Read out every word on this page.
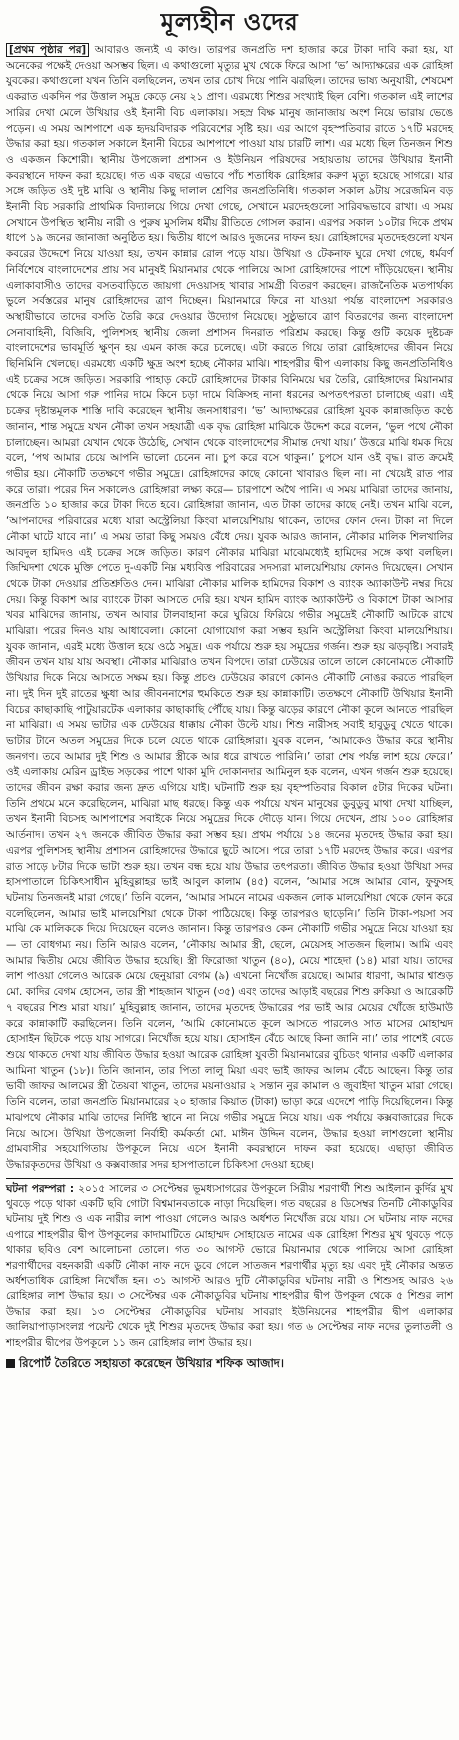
মূল্যহীন ওদের
[প্রথম পৃষ্ঠার পর] আবারও জন্যই এ কাণ্ড। তারপর জনপ্রতি দশ হাজার করে টাকা দাবি করা হয়, যা অনেকের পক্ষেই দেওয়া অসম্ভব ছিল। এ কথাগুলো মৃত্যুর মুখ থেকে ফিরে আসা ‘ভ’ আদ্যাক্ষরের এক রোহিঙ্গা যুবকের। কথাগুলো যখন তিনি বলছিলেন, তখন তার চোখ দিয়ে পানি ঝরছিল। তাদের ভাষ্য অনুযায়ী, শেষমেশ একরাত একদিন পর উত্তাল সমুদ্র কেড়ে নেয় ২১ প্রাণ। এরমধ্যে শিশুর সংখ্যাই ছিল বেশি। গতকাল এই লাশের সারির দেখা মেলে উখিয়ার ওই ইনানী বিচ এলাকায়। সহস্র বিক্ষ মানুষ জানাজায় অংশ নিয়ে ভারায় ভেঙে পড়েন। এ সময় আশপাশে এক হৃদয়বিদারক পরিবেশের সৃষ্টি হয়। এর আগে বৃহস্পতিবার রাতে ১৭টি মরদেহ উদ্ধার করা হয়। গতকাল সকালে ইনানী বিচের আশপাশে পাওয়া যায় চারটি লাশ। এর মধ্যে ছিল তিনজন শিশু ও একজন কিশোরী। স্থানীয় উপজেলা প্রশাসন ও ইউনিয়ন পরিষদের সহায়তায় তাদের উখিয়ার ইনানী কবরস্থানে দাফন করা হয়েছে। গত এক বছরে এভাবে পাঁচ শতাধিক রোহিঙ্গার করুণ মৃত্যু হয়েছে সাগরে। যার সঙ্গে জড়িত ওই দুষ্ট মাঝি ও স্থানীয় কিছু দালাল শ্রেণির জনপ্রতিনিধি। গতকাল সকাল ৯টায় সরেজমিন বড় ইনানী বিচ সরকারি প্রাথমিক বিদ্যালয়ে গিয়ে দেখা গেছে, সেখানে মরদেহগুলো সারিবদ্ধভাবে রাখা। এ সময় সেখানে উপস্থিত স্থানীয় নারী ও পুরুষ মুসলিম ধর্মীয় রীতিতে গোসল করান। এরপর সকাল ১০টার দিকে প্রথম ধাপে ১৯ জনের জানাজা অনুষ্ঠিত হয়। দ্বিতীয় ধাপে আরও দুজনের দাফন হয়। রোহিঙ্গাদের মৃতদেহগুলো যখন কবরের উদ্দেশে নিয়ে যাওয়া হয়, তখন কান্নার রোল পড়ে যায়। উখিয়া ও টেকনাফ ঘুরে দেখা গেছে, ধর্মবর্ণ নির্বিশেষে বাংলাদেশের প্রায় সব মানুষই মিয়ানমার থেকে পালিয়ে আসা রোহিঙ্গাদের পাশে দাঁড়িয়েছেন। স্থানীয় এলাকাবাসীও তাদের বসতবাড়িতে জায়গা দেওয়াসহ খাবার সামগ্রী বিতরণ করছেন। রাজনৈতিক মতপার্থক্য ভুলে সর্বস্তরের মানুষ রোহিঙ্গাদের ত্রাণ দিচ্ছেন। মিয়ানমারে ফিরে না যাওয়া পর্যন্ত বাংলাদেশ সরকারও অস্থায়ীভাবে তাদের বসতি তৈরি করে দেওয়ার উদ্যোগ নিয়েছে। সুষ্ঠুভাবে ত্রাণ বিতরণের জন্য বাংলাদেশ সেনাবাহিনী, বিজিবি, পুলিশসহ স্থানীয় জেলা প্রশাসন দিনরাত পরিশ্রম করছে। কিন্তু গুটি কয়েক দুষ্টচক্র বাংলাদেশের ভাবমূর্তি ক্ষুণ্ন হয় এমন কাজ করে চলেছে। এটা করতে গিয়ে তারা রোহিঙ্গাদের জীবন নিয়ে ছিনিমিনি খেলছে। এরমধ্যে একটি ক্ষুদ্র অংশ হচ্ছে নৌকার মাঝি। শাহপরীর দ্বীপ এলাকায় কিছু জনপ্রতিনিধিও এই চক্রের সঙ্গে জড়িত। সরকারি পাহাড় কেটে রোহিঙ্গাদের টাকার বিনিময়ে ঘর তৈরি, রোহিঙ্গাদের মিয়ানমার থেকে নিয়ে আসা গরু পানির দামে কিনে চড়া দামে বিক্রিসহ নানা ধরনের অপতৎপরতা চালাচ্ছে এরা। এই চক্রের দৃষ্টান্তমূলক শাস্তি দাবি করেছেন স্থানীয় জনসাধারণ। ‘ভ’ আদ্যাক্ষরের রোহিঙ্গা যুবক কান্নাজড়িত কণ্ঠে জানান, শান্ত সমুদ্রে যখন নৌকা তখন সহযাত্রী এক বৃদ্ধ রোহিঙ্গা মাঝিকে উদ্দেশ করে বলেন, ‘ভুল পথে নৌকা চালাচ্ছেন। আমরা যেখান থেকে উঠেছি, সেখান থেকে বাংলাদেশের সীমান্ত দেখা যায়।’ উত্তরে মাঝি ধমক দিয়ে বলে, ‘পথ আমার চেয়ে আপনি ভালো চেনেন না। চুপ করে বসে থাকুন।’ চুপসে যান ওই বৃদ্ধ। রাত ক্রমেই গভীর হয়। নৌকাটি ততক্ষণে গভীর সমুদ্রে। রোহিঙ্গাদের কাছে কোনো খাবারও ছিল না। না খেয়েই রাত পার করে তারা। পরের দিন সকালেও রোহিঙ্গারা লক্ষ্য করে— চারপাশে অথৈ পানি। এ সময় মাঝিরা তাদের জানায়, জনপ্রতি ১০ হাজার করে টাকা দিতে হবে। রোহিঙ্গারা জানান, এত টাকা তাদের কাছে নেই। তখন মাঝি বলে, ‘আপনাদের পরিবারের মধ্যে যারা অস্ট্রেলিয়া কিংবা মালয়েশিয়ায় থাকেন, তাদের ফোন দেন। টাকা না দিলে নৌকা ঘাটে যাবে না।’ এ সময় তারা কিছু সময়ও বেঁধে দেয়। যুবক আরও জানান, নৌকার মালিক শিলখালির আবদুল হামিদও এই চক্রের সঙ্গে জড়িত। কারণ নৌকার মাঝিরা মাঝেমধ্যেই হামিদের সঙ্গে কথা বলছিল। জিম্মিদশা থেকে মুক্তি পেতে দু-একটি নিম্ন মধ্যবিত্ত পরিবারের সদস্যরা মালয়েশিয়ায় ফোনও দিয়েছেন। সেখান থেকে টাকা দেওয়ার প্রতিশ্রুতিও দেন। মাঝিরা নৌকার মালিক হামিদের বিকাশ ও ব্যাংক অ্যাকাউন্ট নম্বর দিয়ে দেয়। কিন্তু বিকাশ আর ব্যাংকে টাকা আসতে দেরি হয়। যখন হামিদ ব্যাংক অ্যাকাউন্ট ও বিকাশে টাকা আসার খবর মাঝিদের জানায়, তখন আবার টালবাহানা করে ঘুরিয়ে ফিরিয়ে গভীর সমুদ্রেই নৌকাটি আটকে রাখে মাঝিরা। পরের দিনও যায় আধাবেলা। কোনো যোগাযোগ করা সম্ভব হয়নি অস্ট্রেলিয়া কিংবা মালয়েশিয়ায়। যুবক জানান, এরই মধ্যে উত্তাল হয়ে ওঠে সমুদ্র। এক পর্যায়ে শুরু হয় সমুদ্রের গর্জন। শুরু হয় ঝড়বৃষ্টি। সবারই জীবন তখন যায় যায় অবস্থা। নৌকার মাঝিরাও তখন বিপদে। তারা ঢেউয়ের তালে তালে কোনোমতে নৌকাটি উখিয়ার দিকে নিয়ে আসতে সক্ষম হয়। কিন্তু প্রচণ্ড ঢেউয়ের কারণে কোনও নৌকাটি নোঙর করতে পারছিল না। দুই দিন দুই রাতের ক্ষুধা আর জীবননাশের হুমকিতে শুরু হয় কান্নাকাটি। ততক্ষণে নৌকাটি উখিয়ার ইনানী বিচের কাছাকাছি পাটুয়ারটেক এলাকার কাছাকাছি পৌঁছে যায়। কিন্তু ঝড়ের কারণে নৌকা কূলে আনতে পারছিল না মাঝিরা। এ সময় ভাটার এক ঢেউয়ের ধাক্কায় নৌকা উল্টে যায়। শিশু নারীসহ সবাই হাবুডুবু খেতে থাকে। ভাটার টানে অতল সমুদ্রের দিকে চলে যেতে থাকে রোহিঙ্গারা। যুবক বলেন, ‘আমাকেও উদ্ধার করে স্থানীয় জনগণ। তবে আমার দুই শিশু ও আমার স্ত্রীকে আর ধরে রাখতে পারিনি।’ তারা শেষ পর্যন্ত লাশ হয়ে ফেরে।’ ওই এলাকায় মেরিন ড্রাইভ সড়কের পাশে থাকা মুদি দোকানদার আমিনুল হক বলেন, এখন গর্জন শুরু হয়েছে। তাদের জীবন রক্ষা করার জন্য দ্রুত এগিয়ে যাই। ঘটনাটি শুরু হয় বৃহস্পতিবার বিকাল ৫টার দিকের ঘটনা। তিনি প্রথমে মনে করেছিলেন, মাঝিরা মাছ ধরছে। কিন্তু এক পর্যায়ে যখন মানুষের ডুবুডুবু মাথা দেখা যাচ্ছিল, তখন ইনানী বিচসহ আশপাশের সবাইকে নিয়ে সমুদ্রের দিকে দৌড়ে যান। গিয়ে দেখেন, প্রায় ১০০ রোহিঙ্গার আর্তনাদ। তখন ২৭ জনকে জীবিত উদ্ধার করা সম্ভব হয়। প্রথম পর্যায়ে ১৪ জনের মৃতদেহ উদ্ধার করা হয়। এরপর পুলিশসহ স্থানীয় প্রশাসন রোহিঙ্গাদের উদ্ধারে ছুটে আসে। পরে তারা ১৭টি মরদেহ উদ্ধার করে। এরপর রাত সাড়ে ৮টার দিকে ভাটা শুরু হয়। তখন বন্ধ হয়ে যায় উদ্ধার তৎপরতা। জীবিত উদ্ধার হওয়া উখিয়া সদর হাসপাতালে চিকিৎসাধীন মুহিবুল্লাহর ভাই আবুল কালাম (৪৫) বলেন, ‘আমার সঙ্গে আমার বোন, ফুফুসহ ঘটনায় তিনজনই মারা গেছে।’ তিনি বলেন, ‘আমার সামনে নামের একজন লোক মালয়েশিয়া থেকে ফোন করে বলেছিলেন, আমার ভাই মালয়েশিয়া থেকে টাকা পাঠিয়েছে। কিন্তু তারপরও ছাড়েনি।’ তিনি টাকা-পয়সা সব মাঝি কে মালিককে দিয়ে দিয়েছেন বলেও জানান। কিন্তু তারপরও কেন নৌকাটি গভীর সমুদ্রে নিয়ে যাওয়া হয়— তা বোধগম্য নয়। তিনি আরও বলেন, ‘নৌকায় আমার স্ত্রী, ছেলে, মেয়েসহ সাতজন ছিলাম। আমি এবং আমার দ্বিতীয় মেয়ে জীবিত উদ্ধার হয়েছি। স্ত্রী ফিরোজা খাতুন (৪০), মেয়ে শাহেদা (১৪) মারা যায়। তাদের লাশ পাওয়া গেলেও আরেক মেয়ে ছেনুয়ারা বেগম (৯) এখনো নিখোঁজ রয়েছে। আমার ধারণা, আমার শ্বাশুড় মো. কাদির বেগম হোসেন, তার স্ত্রী শাহজান খাতুন (৩৫) এবং তাদের আড়াই বছরের শিশু রুকিয়া ও আরেকটি ৭ বছরের শিশু মারা যায়।’ মুহিবুল্লাহ জানান, তাদের মৃতদেহ উদ্ধারের পর ভাই আর মেয়ের খোঁজে হাউমাউ করে কান্নাকাটি করছিলেন। তিনি বলেন, ‘আমি কোনোমতে কূলে আসতে পারলেও সাত মাসের মোহাম্মদ হোসাইন ছিটকে পড়ে যায় সাগরে। নিখোঁজ হয়ে যায়। হোসাইন বেঁচে আছে কিনা জানি না।’ তার পাশেই বেডে শুয়ে থাকতে দেখা যায় জীবিত উদ্ধার হওয়া আরেক রোহিঙ্গা যুবতী মিয়ানমারের বুচিডং থানার একটি এলাকার আমিনা খাতুন (১৮)। তিনি জানান, তার পিতা লালু মিয়া এবং ভাই জাফর আলম বেঁচে আছেন। কিন্তু তার ভাবী জাফর আলমের স্ত্রী তৈয়বা খাতুন, তাদের ময়নাওয়ার ২ সন্তান নুর কামাল ও জুবাইদা খাতুন মারা গেছে। তিনি বলেন, তারা জনপ্রতি মিয়ানমারের ২০ হাজার কিয়াত (টাকা) ভাড়া করে এদেশে পাড়ি দিয়েছিলেন। কিন্তু মাঝপথে নৌকার মাঝি তাদের নির্দিষ্ট স্থানে না নিয়ে গভীর সমুদ্রে নিয়ে যায়। এক পর্যায়ে কক্সবাজারের দিকে নিয়ে আসে। উখিয়া উপজেলা নির্বাহী কর্মকর্তা মো. মাঈন উদ্দিন বলেন, উদ্ধার হওয়া লাশগুলো স্থানীয় গ্রামবাসীর সহযোগিতায় উপকূলে নিয়ে এসে ইনানী কবরস্থানে দাফন করা হয়েছে। এছাড়া জীবিত উদ্ধারকৃতদের উখিয়া ও কক্সবাজার সদর হাসপাতালে চিকিৎসা দেওয়া হচ্ছে।
ঘটনা পরম্পরা : ২০১৫ সালের ৩ সেপ্টেম্বর ভূমধ্যসাগরের উপকূলে সিরীয় শরণার্থী শিশু আইলান কুর্দির মুখ থুবড়ে পড়ে থাকা একটি ছবি গোটা বিশ্বমানবতাকে নাড়া দিয়েছিল। গত বছরের ৪ ডিসেম্বর তিনটি নৌকাডুবির ঘটনায় দুই শিশু ও এক নারীর লাশ পাওয়া গেলেও আরও অর্ধশত নিখোঁজ রয়ে যায়। সে ঘটনায় নাফ নদের এপারে শাহপরীর দ্বীপ উপকূলের কাদামাটিতে মোহাম্মদ সোহায়েত নামের এক রোহিঙ্গা শিশুর মুখ থুবড়ে পড়ে থাকার ছবিও বেশ আলোচনা তোলে। গত ৩০ আগস্ট ভোরে মিয়ানমার থেকে পালিয়ে আসা রোহিঙ্গা শরণার্থীদের বহনকারী একটি নৌকা নাফ নদে ডুবে গেলে সাতজন শরণার্থীর মৃত্যু হয় এবং দুই নৌকার অন্তত অর্ধশতাধিক রোহিঙ্গা নিখোঁজ হন। ৩১ আগস্ট আরও দুটি নৌকাডুবির ঘটনায় নারী ও শিশুসহ আরও ২৬ রোহিঙ্গার লাশ উদ্ধার হয়। ৩ সেপ্টেম্বর এক নৌকাডুবির ঘটনায় শাহপরীর দ্বীপ উপকূল থেকে ৫ শিশুর লাশ উদ্ধার করা হয়। ১৩ সেপ্টেম্বর নৌকাডুবির ঘটনায় সাবরাং ইউনিয়নের শাহপরীর দ্বীপ এলাকার জালিয়াপাড়াসংলগ্ন পয়েন্ট থেকে দুই শিশুর মৃতদেহ উদ্ধার করা হয়। গত ৬ সেপ্টেম্বর নাফ নদের তুলাতলী ও শাহপরীর দ্বীপের উপকূলে ১১ জন রোহিঙ্গার লাশ উদ্ধার হয়।
রিপোর্ট তৈরিতে সহায়তা করেছেন উখিয়ার শফিক আজাদ।
